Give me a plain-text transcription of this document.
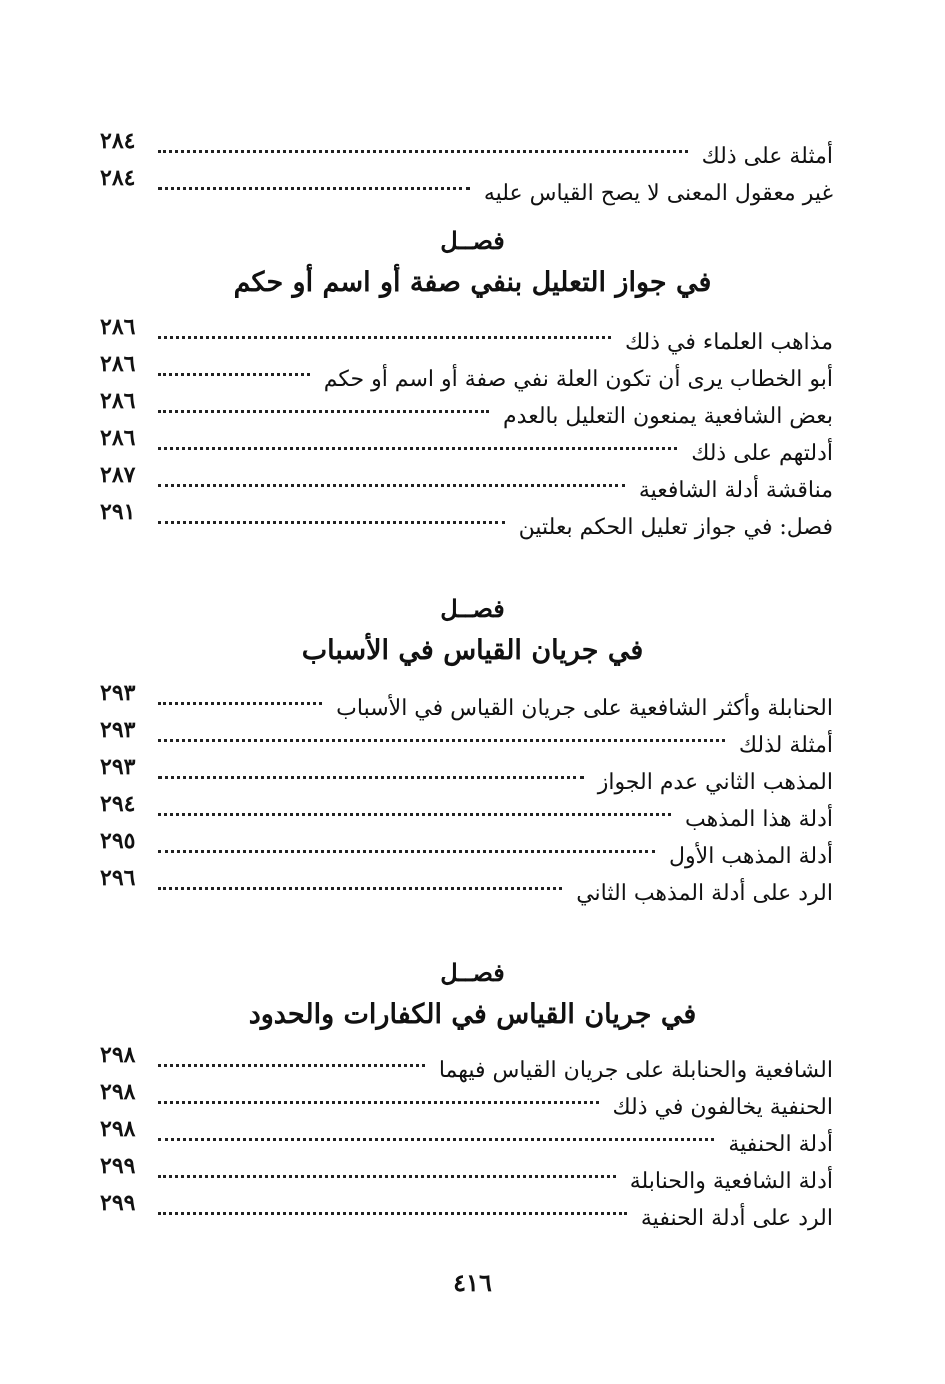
أمثلة على ذلك
٢٨٤
غير معقول المعنى لا يصح القياس عليه
٢٨٤
فصــل
في جواز التعليل بنفي صفة أو اسم أو حكم
مذاهب العلماء في ذلك
٢٨٦
أبو الخطاب يرى أن تكون العلة نفي صفة أو اسم أو حكم
٢٨٦
بعض الشافعية يمنعون التعليل بالعدم
٢٨٦
أدلتهم على ذلك
٢٨٦
مناقشة أدلة الشافعية
٢٨٧
فصل: في جواز تعليل الحكم بعلتين
٢٩١
فصــل
في جريان القياس في الأسباب
الحنابلة وأكثر الشافعية على جريان القياس في الأسباب
٢٩٣
أمثلة لذلك
٢٩٣
المذهب الثاني عدم الجواز
٢٩٣
أدلة هذا المذهب
٢٩٤
أدلة المذهب الأول
٢٩٥
الرد على أدلة المذهب الثاني
٢٩٦
فصــل
في جريان القياس في الكفارات والحدود
الشافعية والحنابلة على جريان القياس فيهما
٢٩٨
الحنفية يخالفون في ذلك
٢٩٨
أدلة الحنفية
٢٩٨
أدلة الشافعية والحنابلة
٢٩٩
الرد على أدلة الحنفية
٢٩٩
٤١٦
